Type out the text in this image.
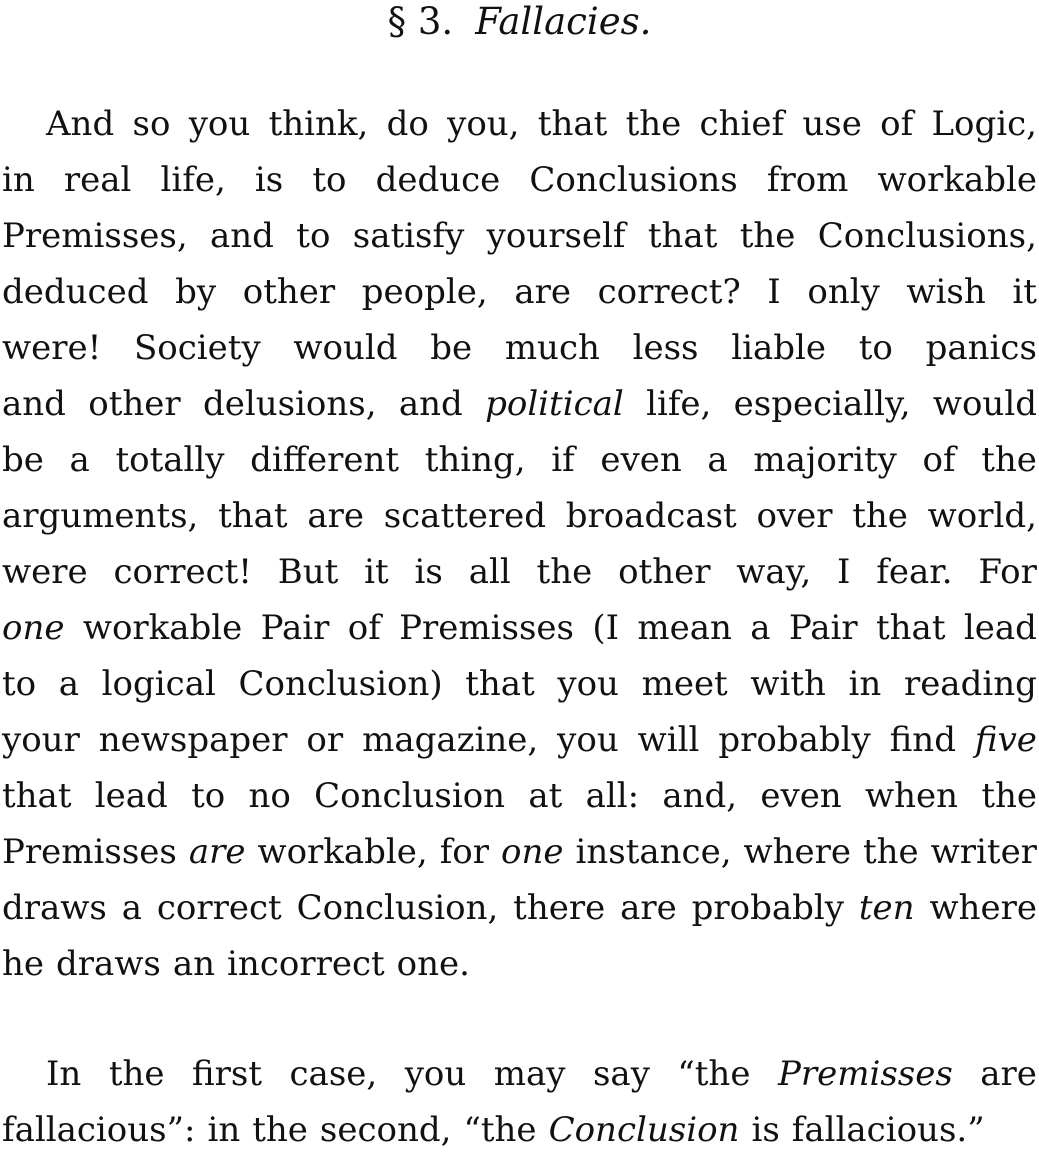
§ 3. Fallacies.
And so you think, do you, that the chief use of Logic,
in real life, is to deduce Conclusions from workable
Premisses, and to satisfy yourself that the Conclusions,
deduced by other people, are correct? I only wish it
were! Society would be much less liable to panics
and other delusions, and political life, especially, would
be a totally different thing, if even a majority of the
arguments, that are scattered broadcast over the world,
were correct! But it is all the other way, I fear. For
one workable Pair of Premisses (I mean a Pair that lead
to a logical Conclusion) that you meet with in reading
your newspaper or magazine, you will probably find five
that lead to no Conclusion at all: and, even when the
Premisses are workable, for one instance, where the writer
draws a correct Conclusion, there are probably ten where
he draws an incorrect one.
In the first case, you may say “the Premisses are
fallacious”: in the second, “the Conclusion is fallacious.”
